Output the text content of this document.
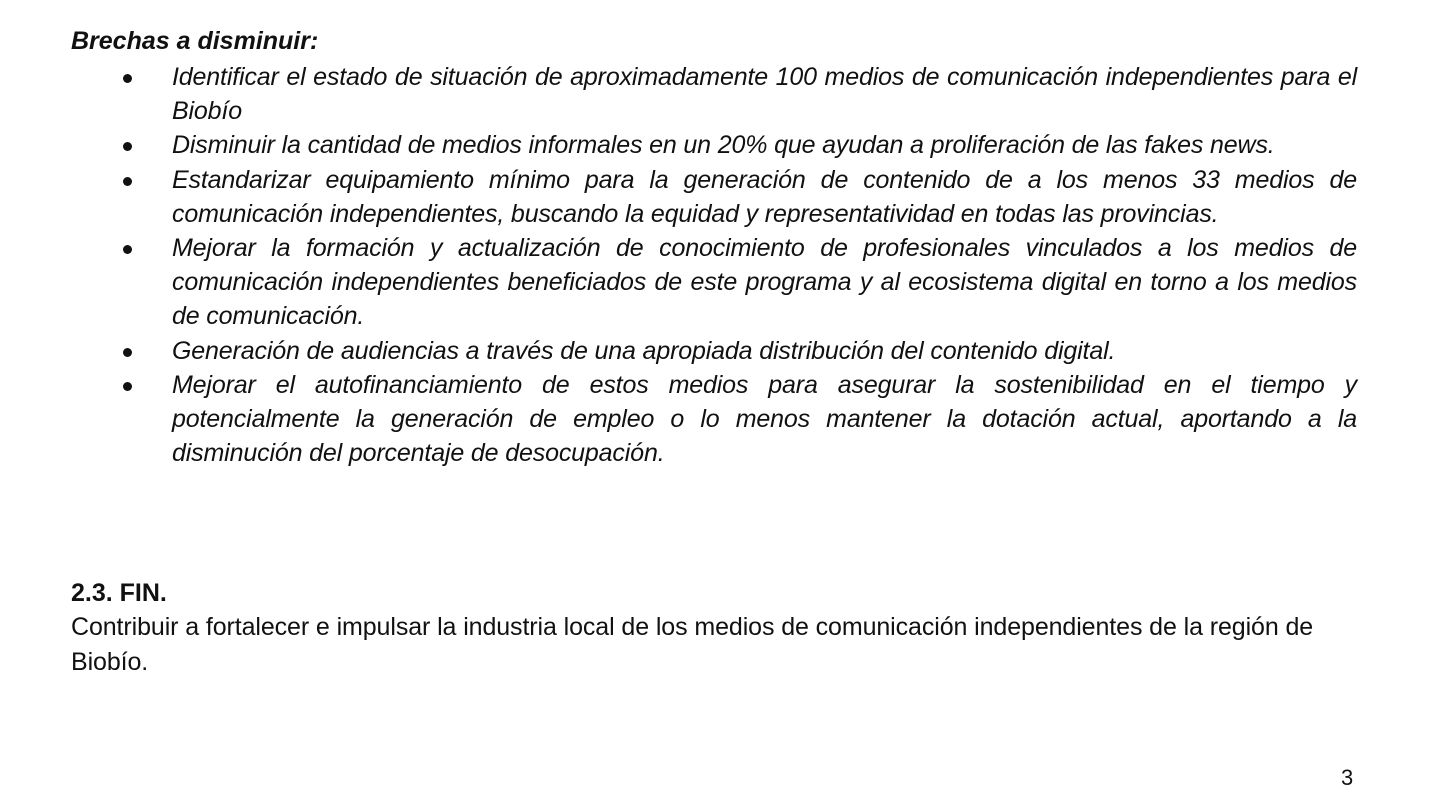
Brechas a disminuir:

Identificar el estado de situación de aproximadamente 100 medios de comunicación independientes para el Biobío
Disminuir la cantidad de medios informales en un 20% que ayudan a proliferación de las fakes news.
Estandarizar equipamiento mínimo para la generación de contenido de a los menos 33 medios de comunicación independientes, buscando la equidad y representatividad en todas las provincias.
Mejorar la formación y actualización de conocimiento de profesionales vinculados a los medios de comunicación independientes beneficiados de este programa y al ecosistema digital en torno a los medios de comunicación.
Generación de audiencias a través de una apropiada distribución del contenido digital.
Mejorar el autofinanciamiento de estos medios para asegurar la sostenibilidad en el tiempo y potencialmente la generación de empleo o lo menos mantener la dotación actual, aportando a la disminución del porcentaje de desocupación.

2.3. FIN.

Contribuir a fortalecer e impulsar la industria local de los medios de comunicación independientes de la región de Biobío.

3
